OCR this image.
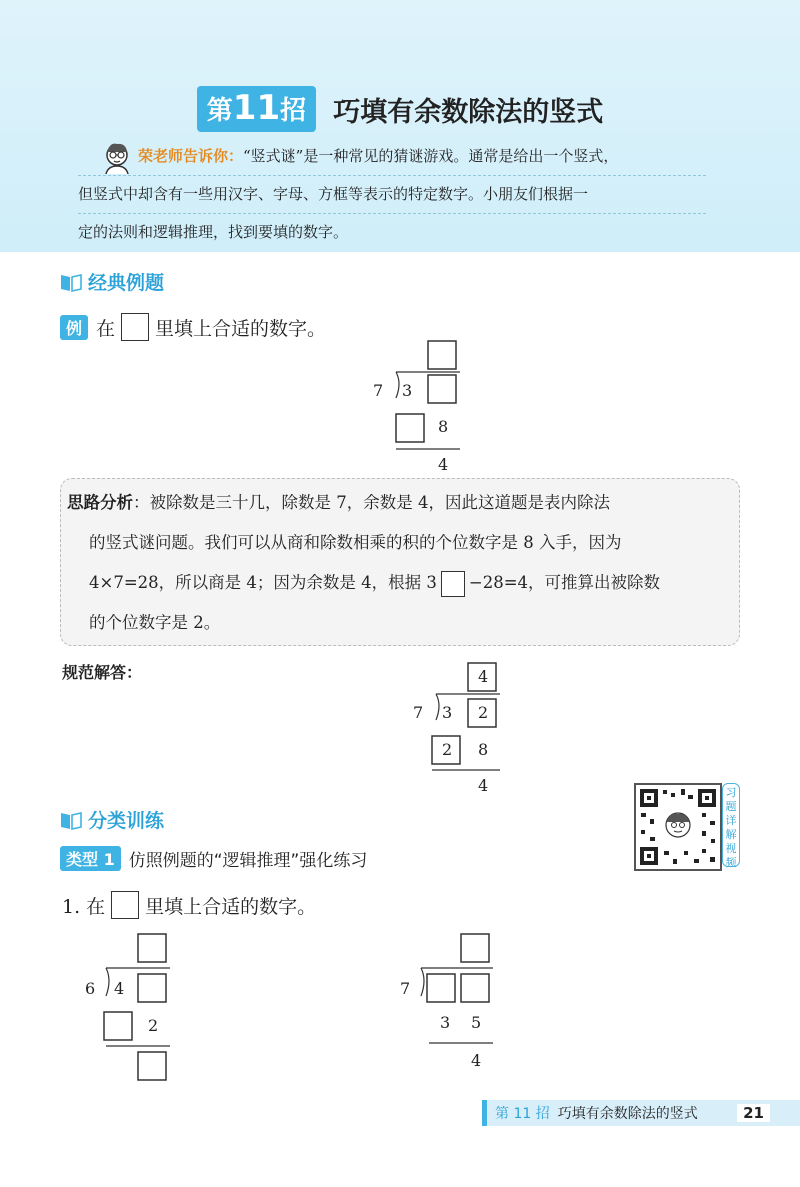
第11招 巧填有余数除法的竖式
荣老师告诉你：“竖式谜”是一种常见的猜谜游戏。通常是给出一个竖式，
但竖式中却含有一些用汉字、字母、方框等表示的特定数字。小朋友们根据一
定的法则和逻辑推理，找到要填的数字。
经典例题
例 在 里填上合适的数字。
7 3
8
4
思路分析：被除数是三十几，除数是 7，余数是 4，因此这道题是表内除法
的竖式谜问题。我们可以从商和除数相乘的积的个位数字是 8 入手，因为
4×7=28，所以商是 4；因为余数是 4，根据 3 −28=4，可推算出被除数
的个位数字是 2。
规范解答：	4
7 3 2
2 8
4	习题详解视频
分类训练
类型 1 仿照例题的“逻辑推理”强化练习
1. 在 里填上合适的数字。
6 4
2
7
3 5
4
第 11 招 巧填有余数除法的竖式	21
